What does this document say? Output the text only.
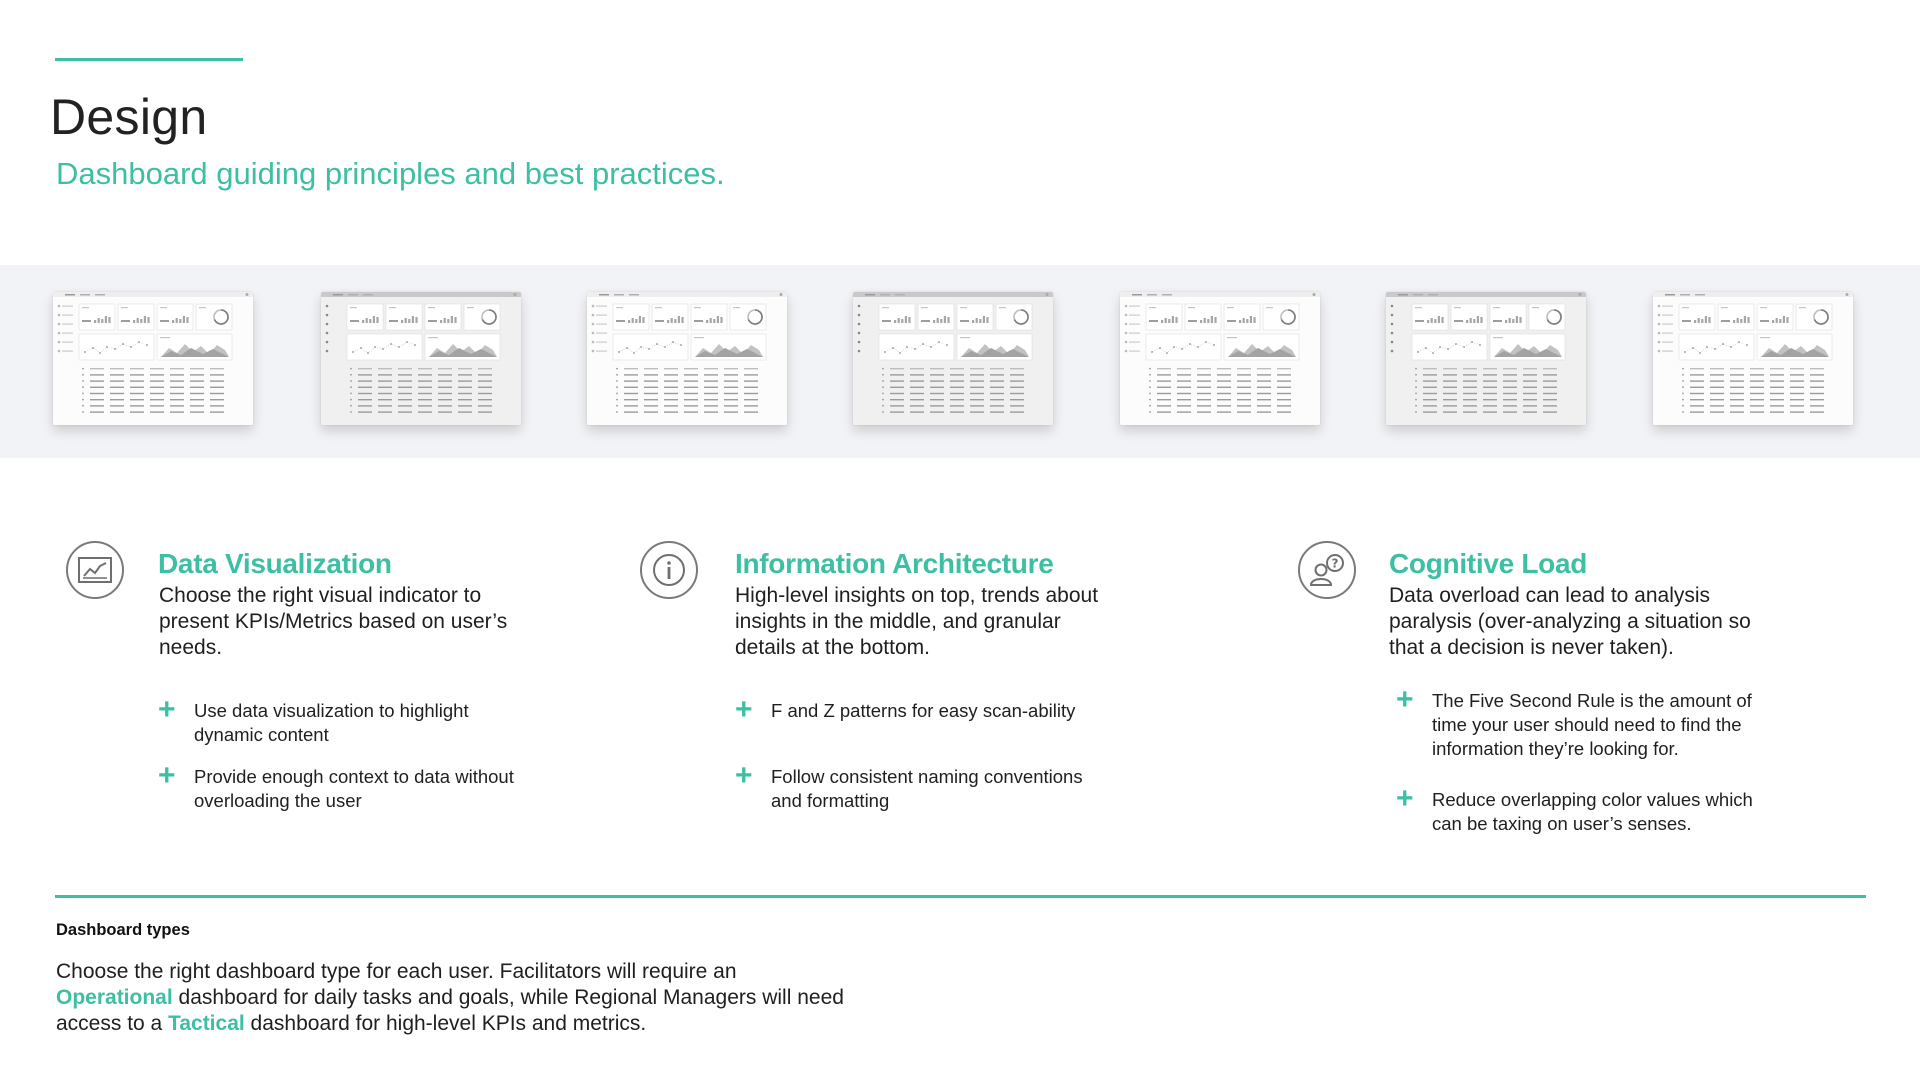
Design

Dashboard guiding principles and best practices.

Data Visualization

Choose the right visual indicator to present KPIs/Metrics based on user’s needs.

+ Use data visualization to highlight dynamic content
+ Provide enough context to data without overloading the user
Information Architecture

High-level insights on top, trends about insights in the middle, and granular details at the bottom.

+ F and Z patterns for easy scan-ability
+ Follow consistent naming conventions and formatting
? Cognitive Load

Data overload can lead to analysis paralysis (over-analyzing a situation so that a decision is never taken).

+ The Five Second Rule is the amount of time your user should need to find the information they’re looking for.
+ Reduce overlapping color values which can be taxing on user’s senses.
Dashboard types

Choose the right dashboard type for each user. Facilitators will require an Operational dashboard for daily tasks and goals, while Regional Managers will need access to a Tactical dashboard for high-level KPIs and metrics.
